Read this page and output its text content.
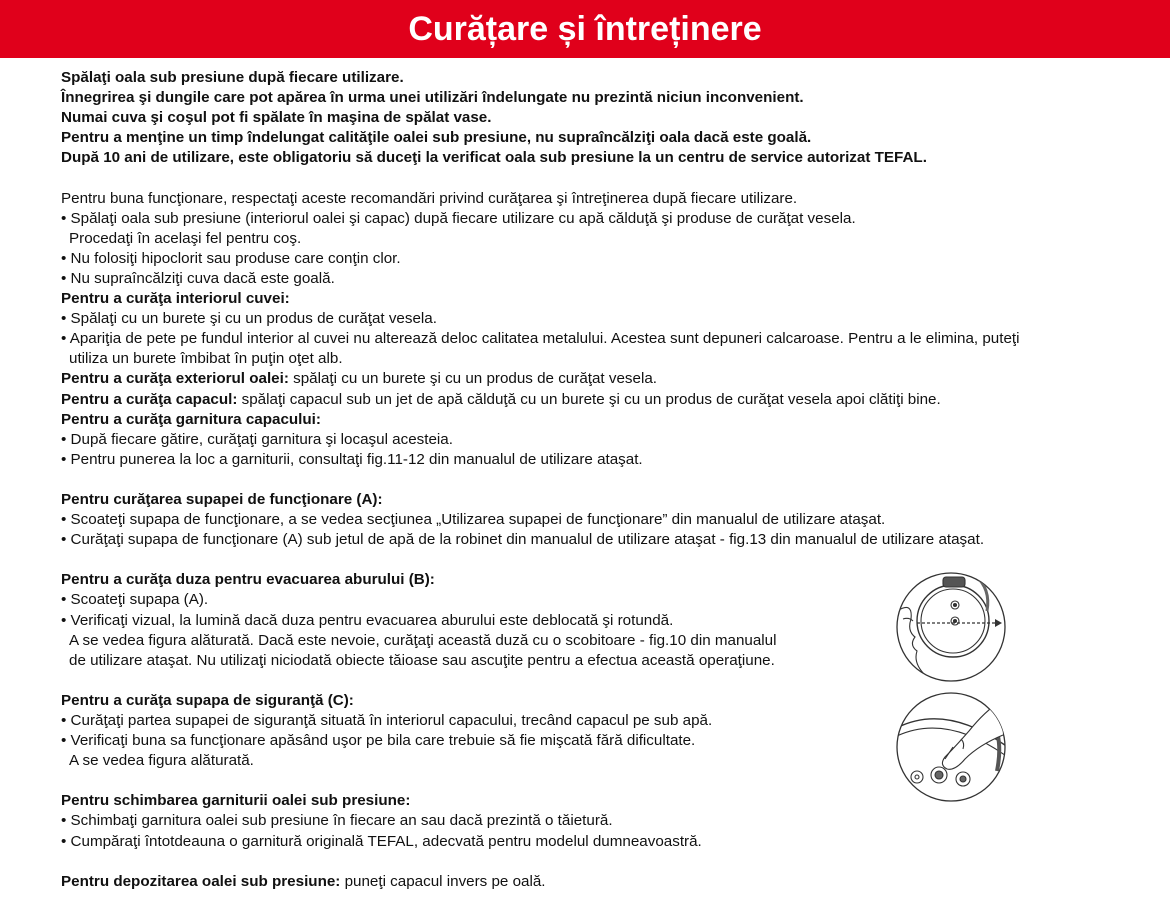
Curățare și întreținere
Spălaţi oala sub presiune după fiecare utilizare.
Înnegrirea şi dungile care pot apărea în urma unei utilizări îndelungate nu prezintă niciun inconvenient.
Numai cuva şi coşul pot fi spălate în maşina de spălat vase.
Pentru a menţine un timp îndelungat calităţile oalei sub presiune, nu supraîncălziţi oala dacă este goală.
După 10 ani de utilizare, este obligatoriu să duceţi la verificat oala sub presiune la un centru de service autorizat TEFAL.
Pentru buna funcţionare, respectaţi aceste recomandări privind curăţarea şi întreţinerea după fiecare utilizare.
• Spălaţi oala sub presiune (interiorul oalei şi capac) după fiecare utilizare cu apă călduţă şi produse de curăţat vesela.
Procedaţi în acelaşi fel pentru coş.
• Nu folosiţi hipoclorit sau produse care conţin clor.
• Nu supraîncălziţi cuva dacă este goală.
Pentru a curăţa interiorul cuvei:
• Spălaţi cu un burete şi cu un produs de curăţat vesela.
• Apariţia de pete pe fundul interior al cuvei nu alterează deloc calitatea metalului. Acestea sunt depuneri calcaroase. Pentru a le elimina, puteţi
utiliza un burete îmbibat în puţin oţet alb.
Pentru a curăţa exteriorul oalei: spălaţi cu un burete şi cu un produs de curăţat vesela.
Pentru a curăţa capacul: spălaţi capacul sub un jet de apă călduţă cu un burete şi cu un produs de curăţat vesela apoi clătiţi bine.
Pentru a curăţa garnitura capacului:
• După fiecare gătire, curăţaţi garnitura şi locaşul acesteia.
• Pentru punerea la loc a garniturii, consultaţi fig.11-12 din manualul de utilizare ataşat.
Pentru curăţarea supapei de funcţionare (A):
• Scoateţi supapa de funcţionare, a se vedea secţiunea „Utilizarea supapei de funcţionare” din manualul de utilizare ataşat.
• Curăţaţi supapa de funcţionare (A) sub jetul de apă de la robinet din manualul de utilizare ataşat - fig.13 din manualul de utilizare ataşat.
Pentru a curăţa duza pentru evacuarea aburului (B):
• Scoateţi supapa (A).
• Verificaţi vizual, la lumină dacă duza pentru evacuarea aburului este deblocată şi rotundă.
A se vedea figura alăturată. Dacă este nevoie, curăţaţi această duză cu o scobitoare - fig.10 din manualul
de utilizare ataşat. Nu utilizaţi niciodată obiecte tăioase sau ascuţite pentru a efectua această operaţiune.
Pentru a curăţa supapa de siguranţă (C):
• Curăţaţi partea supapei de siguranţă situată în interiorul capacului, trecând capacul pe sub apă.
• Verificaţi buna sa funcţionare apăsând uşor pe bila care trebuie să fie mişcată fără dificultate.
A se vedea figura alăturată.
Pentru schimbarea garniturii oalei sub presiune:
• Schimbaţi garnitura oalei sub presiune în fiecare an sau dacă prezintă o tăietură.
• Cumpăraţi întotdeauna o garnitură originală TEFAL, adecvată pentru modelul dumneavoastră.
Pentru depozitarea oalei sub presiune: puneţi capacul invers pe oală.
